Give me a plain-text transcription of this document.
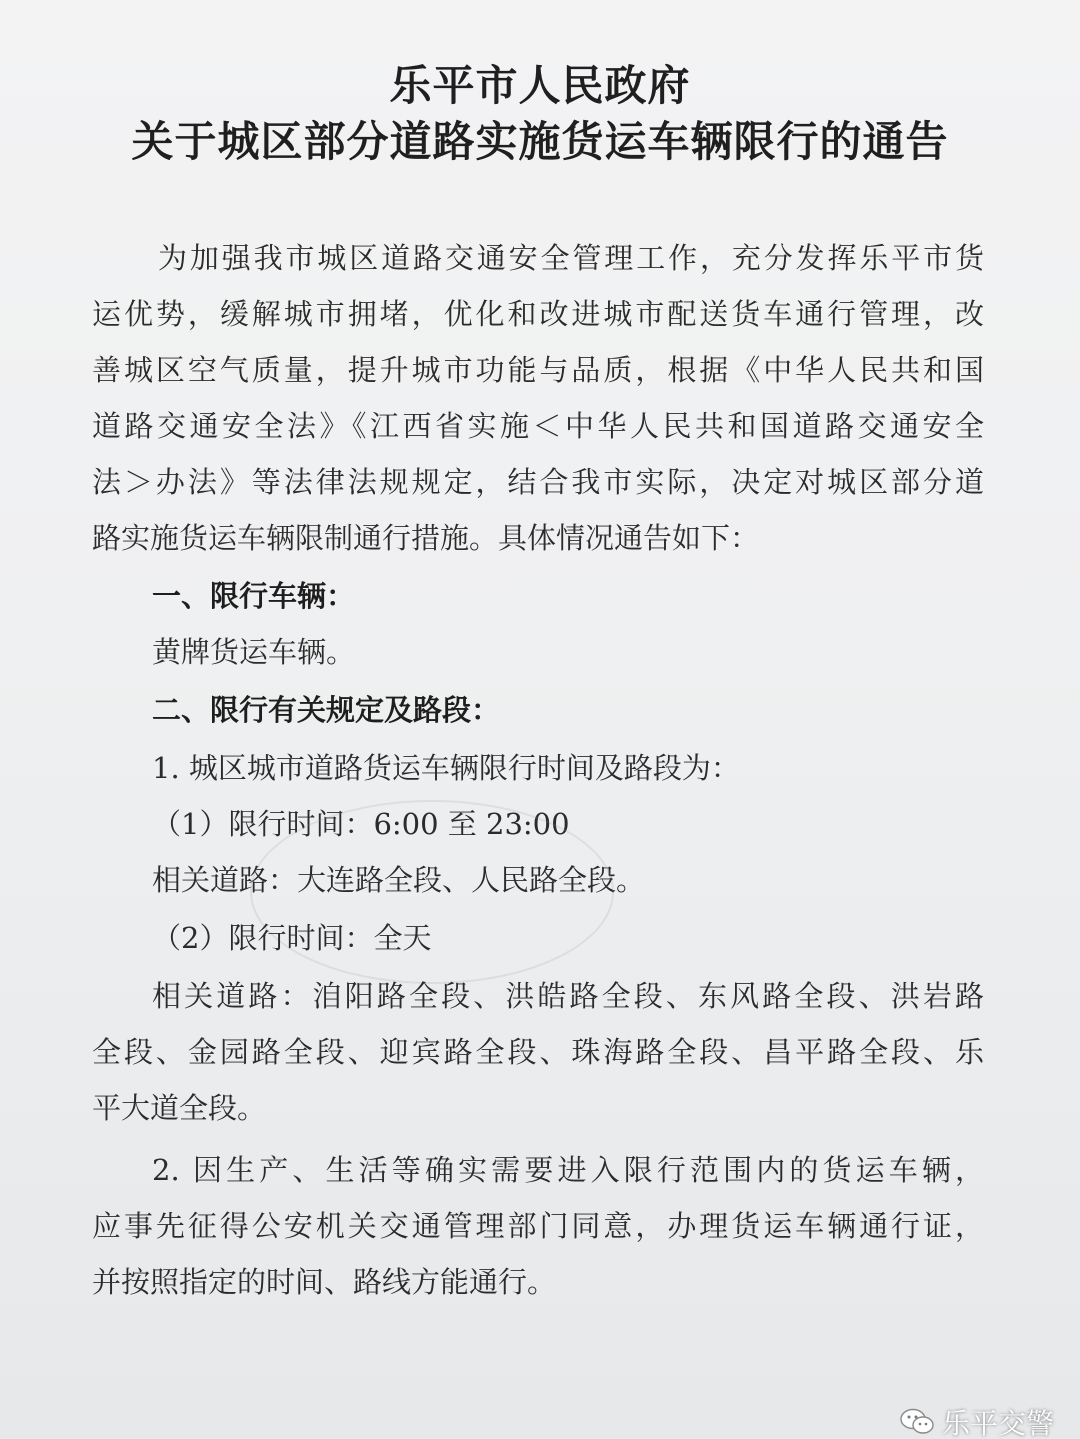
乐平市人民政府
关于城区部分道路实施货运车辆限行的通告

为加强我市城区道路交通安全管理工作，充分发挥乐平市货

运优势，缓解城市拥堵，优化和改进城市配送货车通行管理，改

善城区空气质量，提升城市功能与品质，根据《中华人民共和国

道路交通安全法》《江西省实施＜中华人民共和国道路交通安全

法＞办法》等法律法规规定，结合我市实际，决定对城区部分道

路实施货运车辆限制通行措施。具体情况通告如下：

一、限行车辆：

黄牌货运车辆。

二、限行有关规定及路段：

1. 城区城市道路货运车辆限行时间及路段为：

（1）限行时间：6:00 至 23:00

相关道路：大连路全段、人民路全段。

（2）限行时间：全天

相关道路：洎阳路全段、洪皓路全段、东风路全段、洪岩路

全段、金园路全段、迎宾路全段、珠海路全段、昌平路全段、乐

平大道全段。

2. 因生产、生活等确实需要进入限行范围内的货运车辆，

应事先征得公安机关交通管理部门同意，办理货运车辆通行证，

并按照指定的时间、路线方能通行。

乐平交警
